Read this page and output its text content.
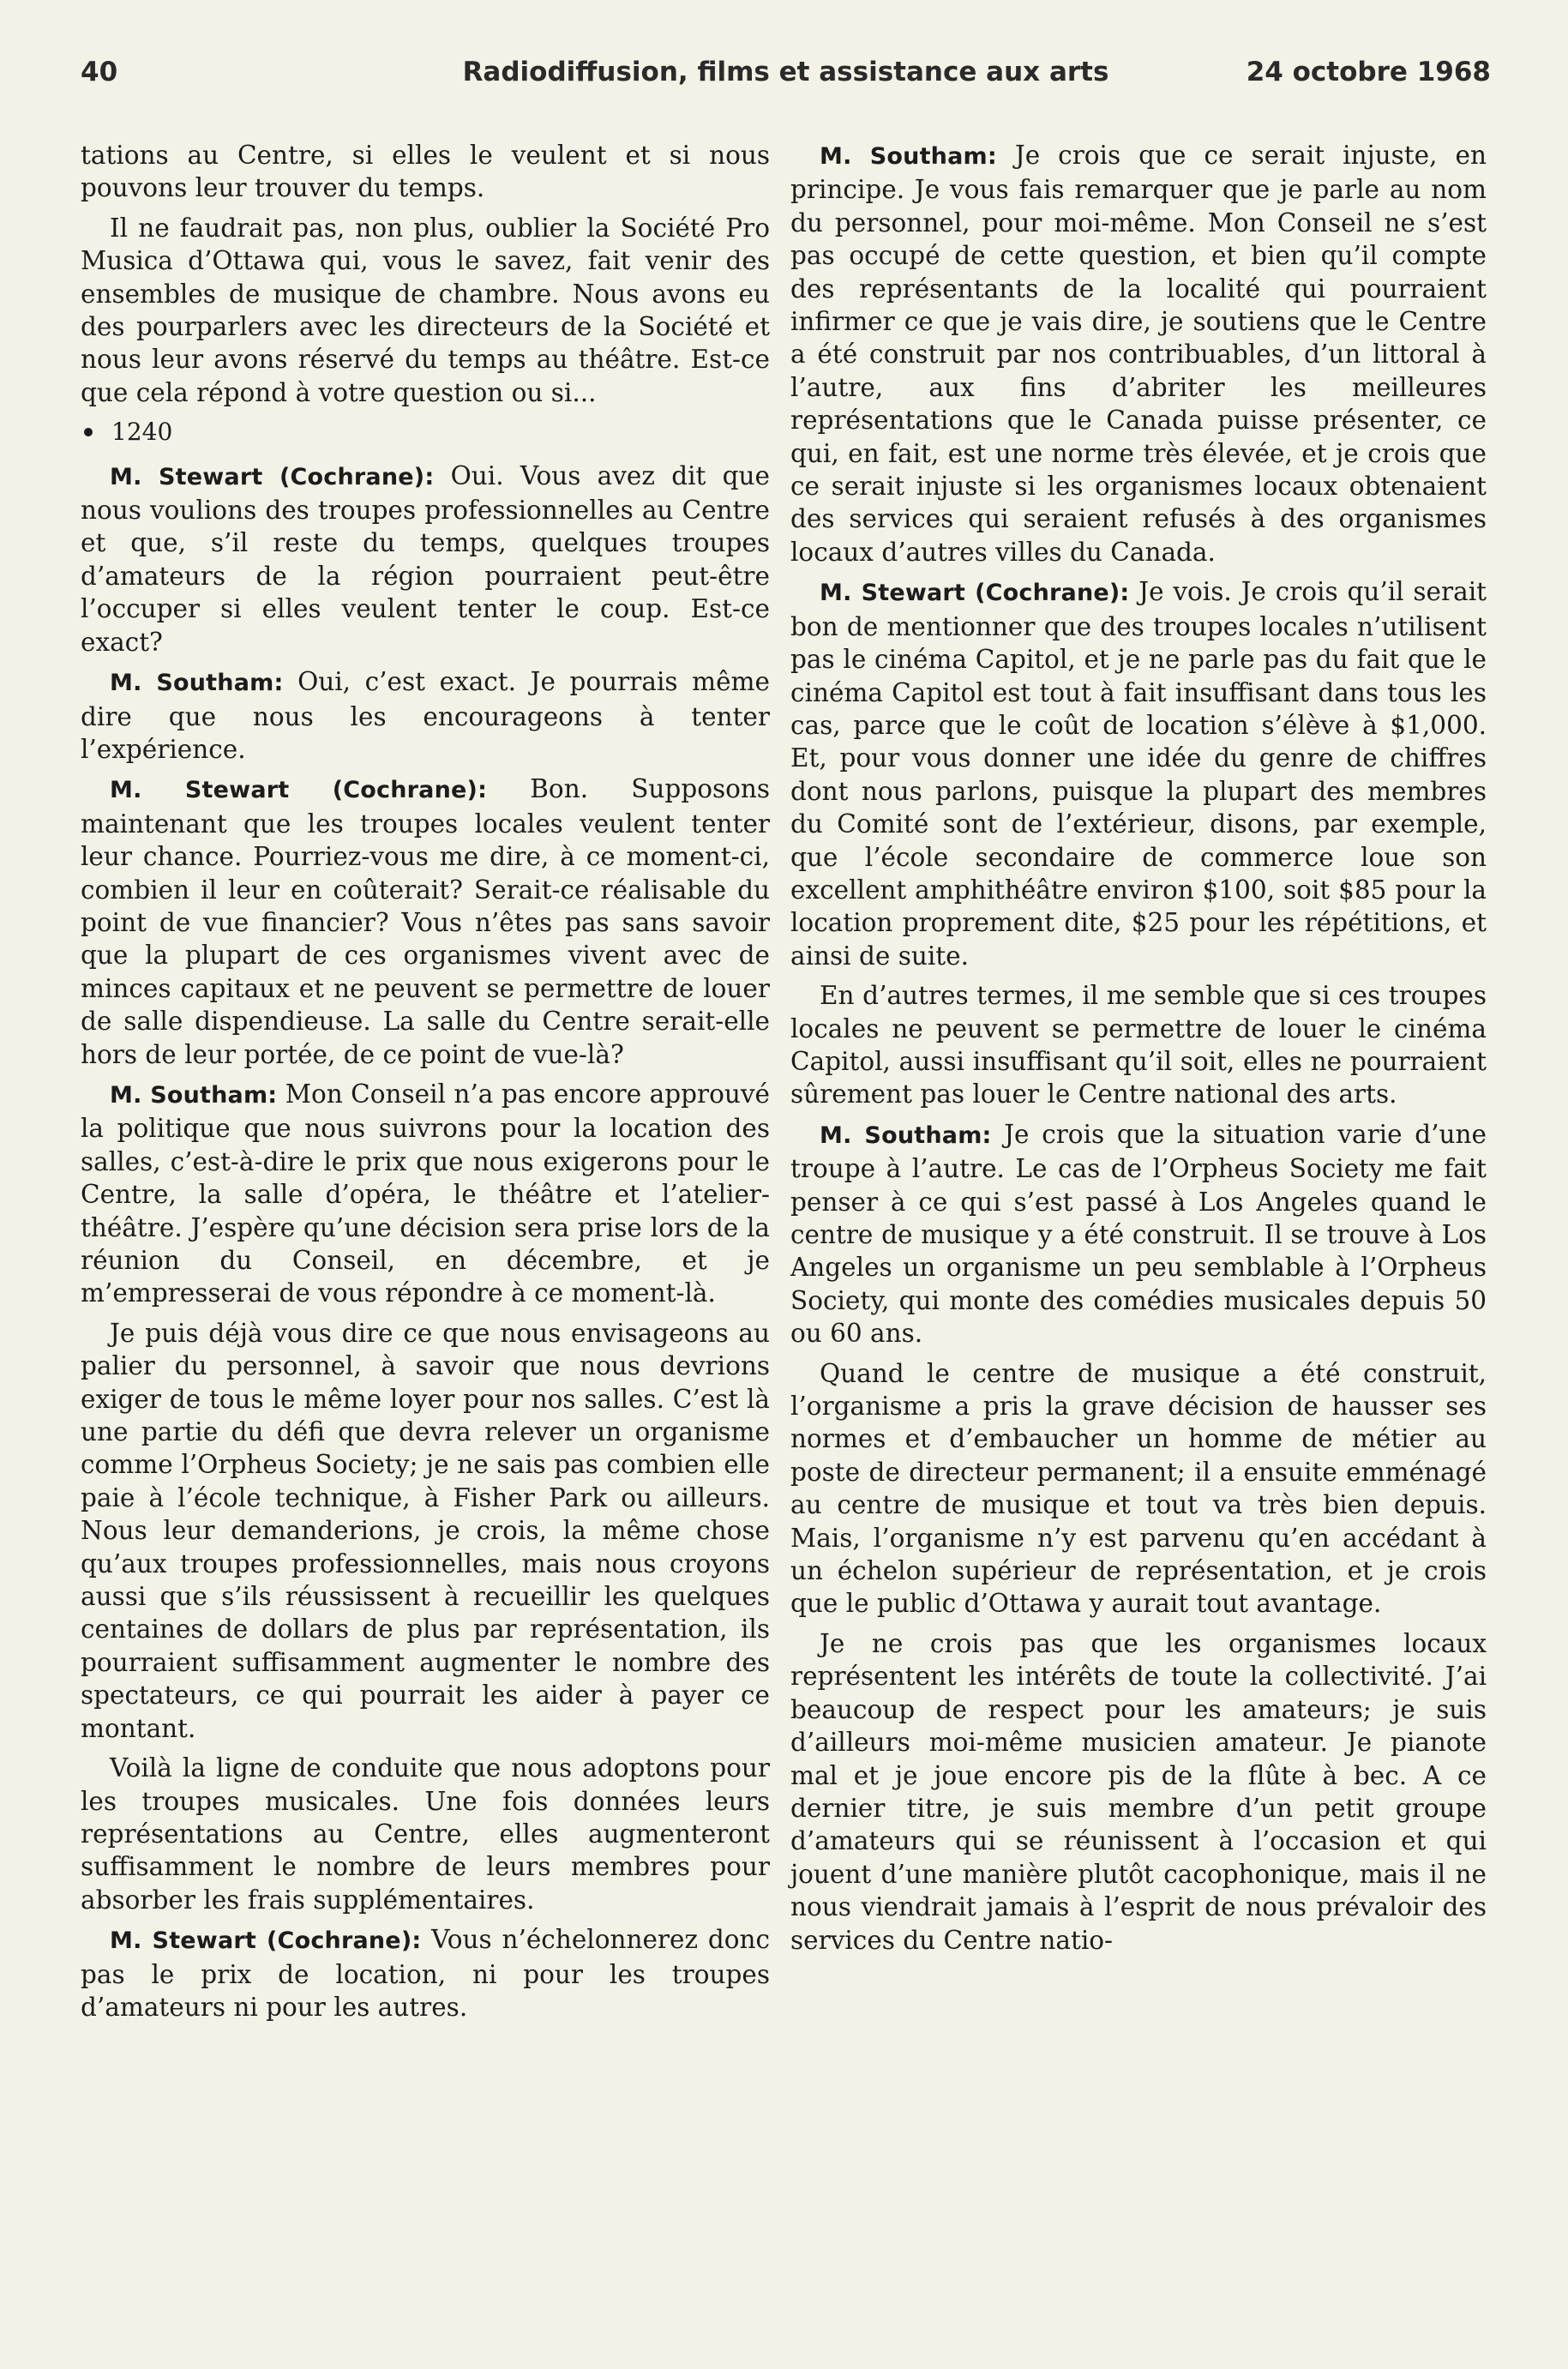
40	Radiodiffusion, films et assistance aux arts	24 octobre 1968

tations au Centre, si elles le veulent et si nous pouvons leur trouver du temps.

Il ne faudrait pas, non plus, oublier la Société Pro Musica d’Ottawa qui, vous le savez, fait venir des ensembles de musique de chambre. Nous avons eu des pourparlers avec les directeurs de la Société et nous leur avons réservé du temps au théâtre. Est-ce que cela répond à votre question ou si...

1240

M. Stewart (Cochrane): Oui. Vous avez dit que nous voulions des troupes professionnelles au Centre et que, s’il reste du temps, quelques troupes d’amateurs de la région pourraient peut-être l’occuper si elles veulent tenter le coup. Est-ce exact?

M. Southam: Oui, c’est exact. Je pourrais même dire que nous les encourageons à tenter l’expérience.

M. Stewart (Cochrane): Bon. Supposons maintenant que les troupes locales veulent tenter leur chance. Pourriez-vous me dire, à ce moment-ci, combien il leur en coûterait? Serait-ce réalisable du point de vue financier? Vous n’êtes pas sans savoir que la plupart de ces organismes vivent avec de minces capitaux et ne peuvent se permettre de louer de salle dispendieuse. La salle du Centre serait-elle hors de leur portée, de ce point de vue-là?

M. Southam: Mon Conseil n’a pas encore approuvé la politique que nous suivrons pour la location des salles, c’est-à-dire le prix que nous exigerons pour le Centre, la salle d’opéra, le théâtre et l’atelier-théâtre. J’espère qu’une décision sera prise lors de la réunion du Conseil, en décembre, et je m’empresserai de vous répondre à ce moment-là.

Je puis déjà vous dire ce que nous envisageons au palier du personnel, à savoir que nous devrions exiger de tous le même loyer pour nos salles. C’est là une partie du défi que devra relever un organisme comme l’Orpheus Society; je ne sais pas combien elle paie à l’école technique, à Fisher Park ou ailleurs. Nous leur demanderions, je crois, la même chose qu’aux troupes professionnelles, mais nous croyons aussi que s’ils réussissent à recueillir les quelques centaines de dollars de plus par représentation, ils pourraient suffisamment augmenter le nombre des spectateurs, ce qui pourrait les aider à payer ce montant.

Voilà la ligne de conduite que nous adoptons pour les troupes musicales. Une fois données leurs représentations au Centre, elles augmenteront suffisamment le nombre de leurs membres pour absorber les frais supplémentaires.

M. Stewart (Cochrane): Vous n’échelonnerez donc pas le prix de location, ni pour les troupes d’amateurs ni pour les autres.

M. Southam: Je crois que ce serait injuste, en principe. Je vous fais remarquer que je parle au nom du personnel, pour moi-même. Mon Conseil ne s’est pas occupé de cette question, et bien qu’il compte des représentants de la localité qui pourraient infirmer ce que je vais dire, je soutiens que le Centre a été construit par nos contribuables, d’un littoral à l’autre, aux fins d’abriter les meilleures représentations que le Canada puisse présenter, ce qui, en fait, est une norme très élevée, et je crois que ce serait injuste si les organismes locaux obtenaient des services qui seraient refusés à des organismes locaux d’autres villes du Canada.

M. Stewart (Cochrane): Je vois. Je crois qu’il serait bon de mentionner que des troupes locales n’utilisent pas le cinéma Capitol, et je ne parle pas du fait que le cinéma Capitol est tout à fait insuffisant dans tous les cas, parce que le coût de location s’élève à $1,000. Et, pour vous donner une idée du genre de chiffres dont nous parlons, puisque la plupart des membres du Comité sont de l’extérieur, disons, par exemple, que l’école secondaire de commerce loue son excellent amphithéâtre environ $100, soit $85 pour la location proprement dite, $25 pour les répétitions, et ainsi de suite.

En d’autres termes, il me semble que si ces troupes locales ne peuvent se permettre de louer le cinéma Capitol, aussi insuffisant qu’il soit, elles ne pourraient sûrement pas louer le Centre national des arts.

M. Southam: Je crois que la situation varie d’une troupe à l’autre. Le cas de l’Orpheus Society me fait penser à ce qui s’est passé à Los Angeles quand le centre de musique y a été construit. Il se trouve à Los Angeles un organisme un peu semblable à l’Orpheus Society, qui monte des comédies musicales depuis 50 ou 60 ans.

Quand le centre de musique a été construit, l’organisme a pris la grave décision de hausser ses normes et d’embaucher un homme de métier au poste de directeur permanent; il a ensuite emménagé au centre de musique et tout va très bien depuis. Mais, l’organisme n’y est parvenu qu’en accédant à un échelon supérieur de représentation, et je crois que le public d’Ottawa y aurait tout avantage.

Je ne crois pas que les organismes locaux représentent les intérêts de toute la collectivité. J’ai beaucoup de respect pour les amateurs; je suis d’ailleurs moi-même musicien amateur. Je pianote mal et je joue encore pis de la flûte à bec. A ce dernier titre, je suis membre d’un petit groupe d’amateurs qui se réunissent à l’occasion et qui jouent d’une manière plutôt cacophonique, mais il ne nous viendrait jamais à l’esprit de nous prévaloir des services du Centre natio-
